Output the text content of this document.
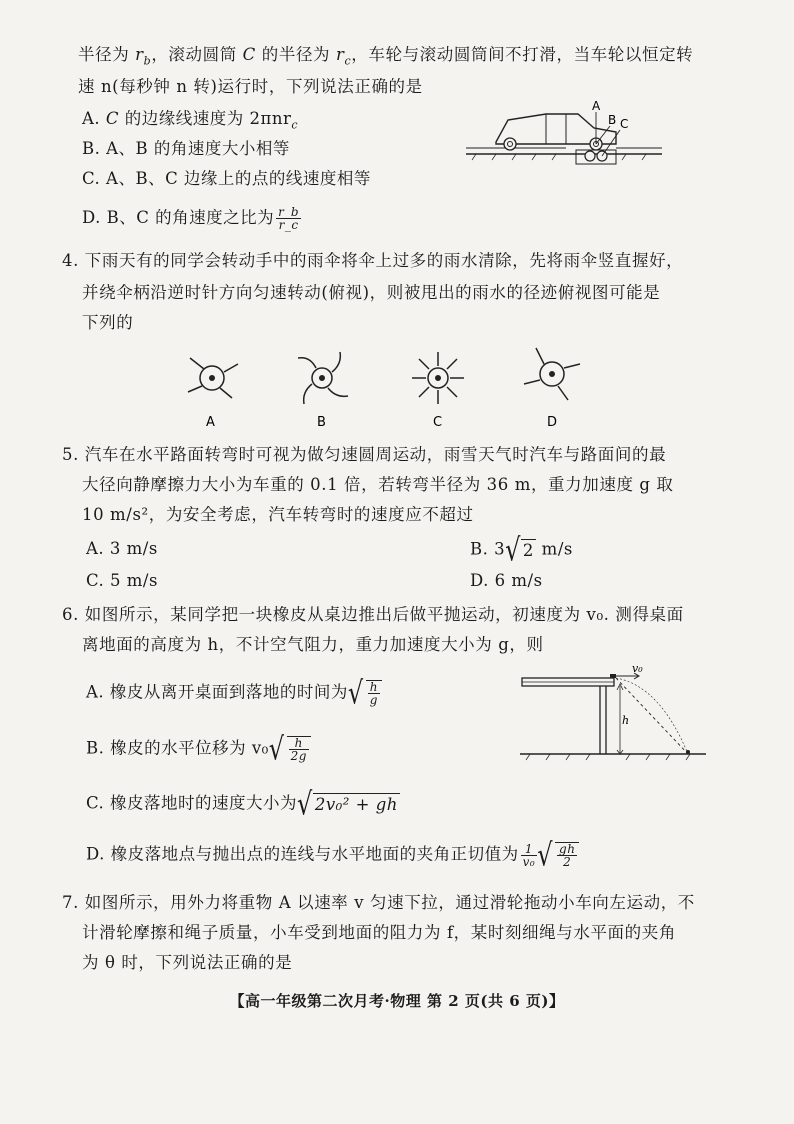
半径为 $r_b$，滚动圆筒 C 的半径为 $r_c$，车轮与滚动圆筒间不打滑，当车轮以恒定转
速 n(每秒钟 n 转)运行时，下列说法正确的是
A. C 的边缘线速度为 2πnr$_c$
B. A、B 的角速度大小相等
C. A、B、C 边缘上的点的线速度相等
D. B、C 的角速度之比为 $\frac{r\_b}{r\_c}$
A
B C
4. 下雨天有的同学会转动手中的雨伞将伞上过多的雨水清除，先将雨伞竖直握好，
并绕伞柄沿逆时针方向匀速转动(俯视)，则被甩出的雨水的径迹俯视图可能是
下列的
A	B	C	D
5. 汽车在水平路面转弯时可视为做匀速圆周运动，雨雪天气时汽车与路面间的最
大径向静摩擦力大小为车重的 0.1 倍，若转弯半径为 36 m，重力加速度 g 取
10 m/s²，为安全考虑，汽车转弯时的速度应不超过
A. 3 m/s	B. 3√ 2 m/s
C. 5 m/s	D. 6 m/s
6. 如图所示，某同学把一块橡皮从桌边推出后做平抛运动，初速度为 v₀. 测得桌面
离地面的高度为 h，不计空气阻力，重力加速度大小为 g，则
A. 橡皮从离开桌面到落地的时间为√ $\frac{h}{g}$
B. 橡皮的水平位移为 $v_0√ \frac{h}{2g}$
C. 橡皮落地时的速度大小为√ 2v₀² + gh
D. 橡皮落地点与抛出点的连线与水平地面的夹角正切值为 $\frac{1}{\text{v₀}}$ √ $\frac{gh}{2}$
v₀
h
7. 如图所示，用外力将重物 A 以速率 v 匀速下拉，通过滑轮拖动小车向左运动，不
计滑轮摩擦和绳子质量，小车受到地面的阻力为 f，某时刻细绳与水平面的夹角
为 θ 时，下列说法正确的是
【高一年级第二次月考·物理 第 2 页(共 6 页)】
